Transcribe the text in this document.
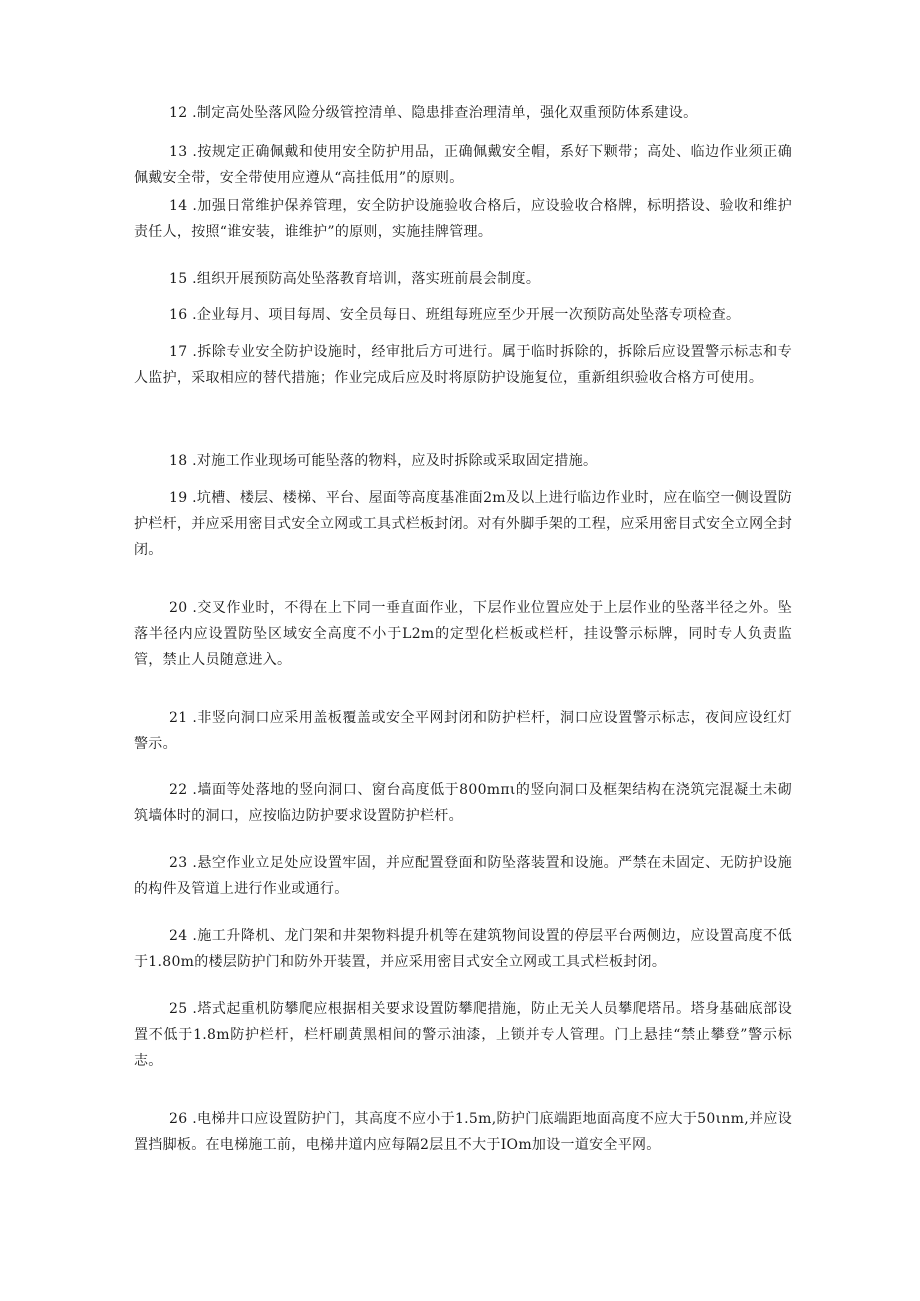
12 .制定高处坠落风险分级管控清单、隐患排查治理清单，强化双重预防体系建设。

13 .按规定正确佩戴和使用安全防护用品，正确佩戴安全帽，系好下颗带；高处、临边作业须正确佩戴安全带，安全带使用应遵从“高挂低用”的原则。

14 .加强日常维护保养管理，安全防护设施验收合格后，应设验收合格牌，标明搭设、验收和维护责任人，按照“谁安装，谁维护”的原则，实施挂牌管理。

15 .组织开展预防高处坠落教育培训，落实班前晨会制度。

16 .企业每月、项目每周、安全员每日、班组每班应至少开展一次预防高处坠落专项检查。

17 .拆除专业安全防护设施时，经审批后方可进行。属于临时拆除的，拆除后应设置警示标志和专人监护，采取相应的替代措施；作业完成后应及时将原防护设施复位，重新组织验收合格方可使用。

18 .对施工作业现场可能坠落的物料，应及时拆除或采取固定措施。

19 .坑槽、楼层、楼梯、平台、屋面等高度基准面2m及以上进行临边作业时，应在临空一侧设置防护栏杆，并应采用密目式安全立网或工具式栏板封闭。对有外脚手架的工程，应采用密目式安全立网全封闭。

20 .交叉作业时，不得在上下同一垂直面作业，下层作业位置应处于上层作业的坠落半径之外。坠落半径内应设置防坠区域安全高度不小于L2m的定型化栏板或栏杆，挂设警示标牌，同时专人负责监管，禁止人员随意进入。

21 .非竖向洞口应采用盖板覆盖或安全平网封闭和防护栏杆，洞口应设置警示标志，夜间应设红灯警示。

22 .墙面等处落地的竖向洞口、窗台高度低于800mπι的竖向洞口及框架结构在浇筑完混凝土未砌筑墙体时的洞口，应按临边防护要求设置防护栏杆。

23 .悬空作业立足处应设置牢固，并应配置登面和防坠落装置和设施。严禁在未固定、无防护设施的构件及管道上进行作业或通行。

24 .施工升降机、龙门架和井架物料提升机等在建筑物间设置的停层平台两侧边，应设置高度不低于1.80m的楼层防护门和防外开装置，并应采用密目式安全立网或工具式栏板封闭。

25 .塔式起重机防攀爬应根据相关要求设置防攀爬措施，防止无关人员攀爬塔吊。塔身基础底部设置不低于1.8m防护栏杆，栏杆刷黄黑相间的警示油漆，上锁并专人管理。门上悬挂“禁止攀登”警示标志。

26 .电梯井口应设置防护门，其高度不应小于1.5m,防护门底端距地面高度不应大于50ιnm,并应设置挡脚板。在电梯施工前，电梯井道内应每隔2层且不大于IOm加设一道安全平网。
